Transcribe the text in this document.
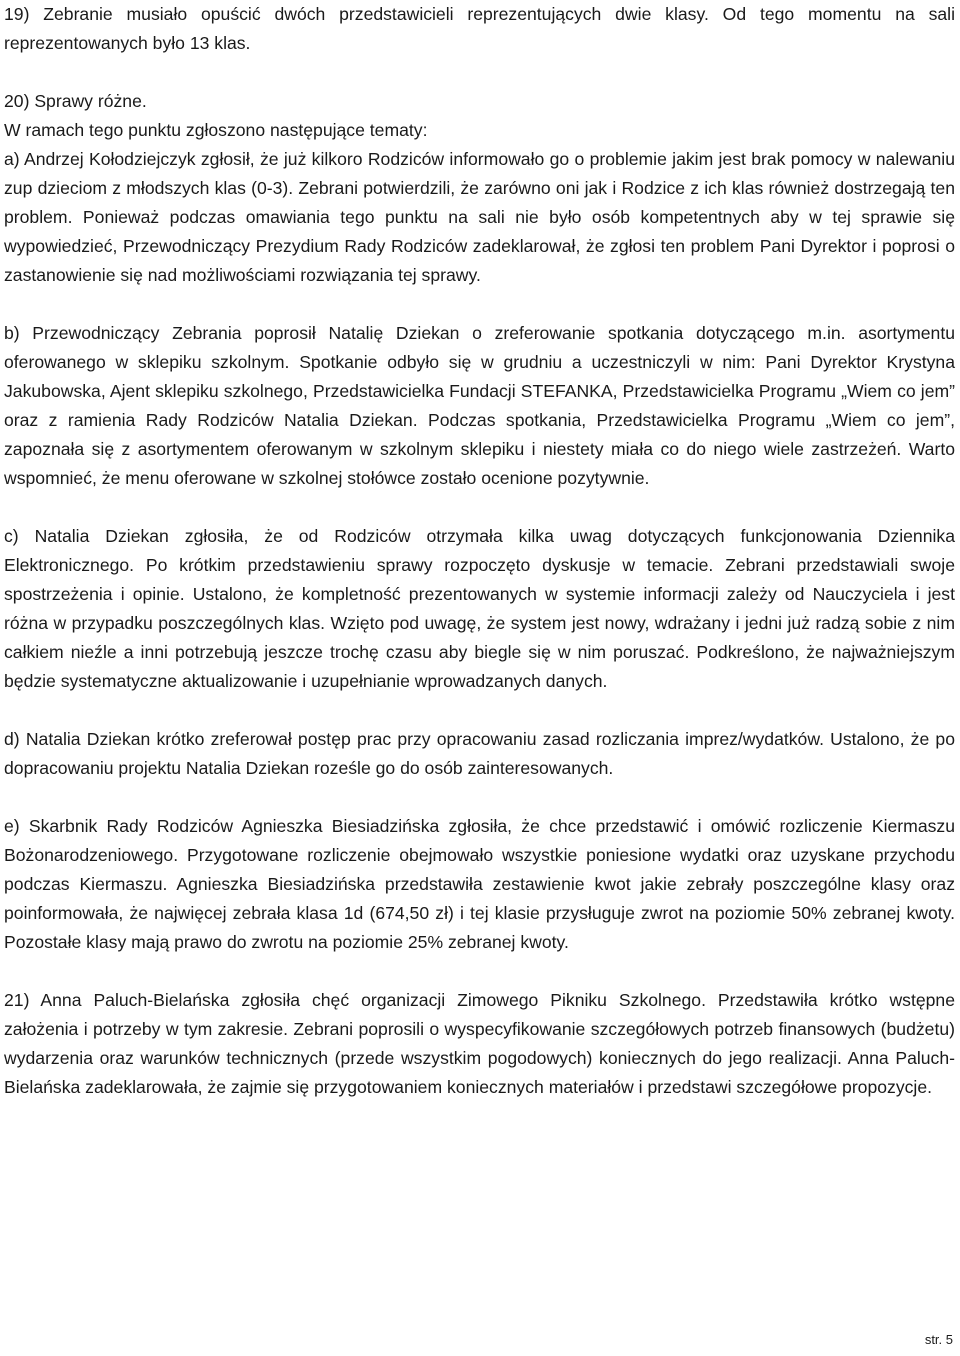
19) Zebranie musiało opuścić dwóch przedstawicieli reprezentujących dwie klasy. Od tego momentu na sali reprezentowanych było 13 klas.

20) Sprawy różne.

W ramach tego punktu zgłoszono następujące tematy:

a) Andrzej Kołodziejczyk zgłosił, że już kilkoro Rodziców informowało go o problemie jakim jest brak pomocy w nalewaniu zup dzieciom z młodszych klas (0-3). Zebrani potwierdzili, że zarówno oni jak i Rodzice z ich klas również dostrzegają ten problem. Ponieważ podczas omawiania tego punktu na sali nie było osób kompetentnych aby w tej sprawie się wypowiedzieć, Przewodniczący Prezydium Rady Rodziców zadeklarował, że zgłosi ten problem Pani Dyrektor i poprosi o zastanowienie się nad możliwościami rozwiązania tej sprawy.

b) Przewodniczący Zebrania poprosił Natalię Dziekan o zreferowanie spotkania dotyczącego m.in. asortymentu oferowanego w sklepiku szkolnym. Spotkanie odbyło się w grudniu a uczestniczyli w nim: Pani Dyrektor Krystyna Jakubowska, Ajent sklepiku szkolnego, Przedstawicielka Fundacji STEFANKA, Przedstawicielka Programu „Wiem co jem” oraz z ramienia Rady Rodziców Natalia Dziekan. Podczas spotkania, Przedstawicielka Programu „Wiem co jem”, zapoznała się z asortymentem oferowanym w szkolnym sklepiku i niestety miała co do niego wiele zastrzeżeń. Warto wspomnieć, że menu oferowane w szkolnej stołówce zostało ocenione pozytywnie.

c) Natalia Dziekan zgłosiła, że od Rodziców otrzymała kilka uwag dotyczących funkcjonowania Dziennika Elektronicznego. Po krótkim przedstawieniu sprawy rozpoczęto dyskusje w temacie. Zebrani przedstawiali swoje spostrzeżenia i opinie. Ustalono, że kompletność prezentowanych w systemie informacji zależy od Nauczyciela i jest różna w przypadku poszczególnych klas. Wzięto pod uwagę, że system jest nowy, wdrażany i jedni już radzą sobie z nim całkiem nieźle a inni potrzebują jeszcze trochę czasu aby biegle się w nim poruszać. Podkreślono, że najważniejszym będzie systematyczne aktualizowanie i uzupełnianie wprowadzanych danych.

d) Natalia Dziekan krótko zreferował postęp prac przy opracowaniu zasad rozliczania imprez/wydatków. Ustalono, że po dopracowaniu projektu Natalia Dziekan roześle go do osób zainteresowanych.

e) Skarbnik Rady Rodziców Agnieszka Biesiadzińska zgłosiła, że chce przedstawić i omówić rozliczenie Kiermaszu Bożonarodzeniowego. Przygotowane rozliczenie obejmowało wszystkie poniesione wydatki oraz uzyskane przychodu podczas Kiermaszu. Agnieszka Biesiadzińska przedstawiła zestawienie kwot jakie zebrały poszczególne klasy oraz poinformowała, że najwięcej zebrała klasa 1d (674,50 zł) i tej klasie przysługuje zwrot na poziomie 50% zebranej kwoty. Pozostałe klasy mają prawo do zwrotu na poziomie 25% zebranej kwoty.

21) Anna Paluch-Bielańska zgłosiła chęć organizacji Zimowego Pikniku Szkolnego. Przedstawiła krótko wstępne założenia i potrzeby w tym zakresie. Zebrani poprosili o wyspecyfikowanie szczegółowych potrzeb finansowych (budżetu) wydarzenia oraz warunków technicznych (przede wszystkim pogodowych) koniecznych do jego realizacji. Anna Paluch-Bielańska zadeklarowała, że zajmie się przygotowaniem koniecznych materiałów i przedstawi szczegółowe propozycje.

str. 5
